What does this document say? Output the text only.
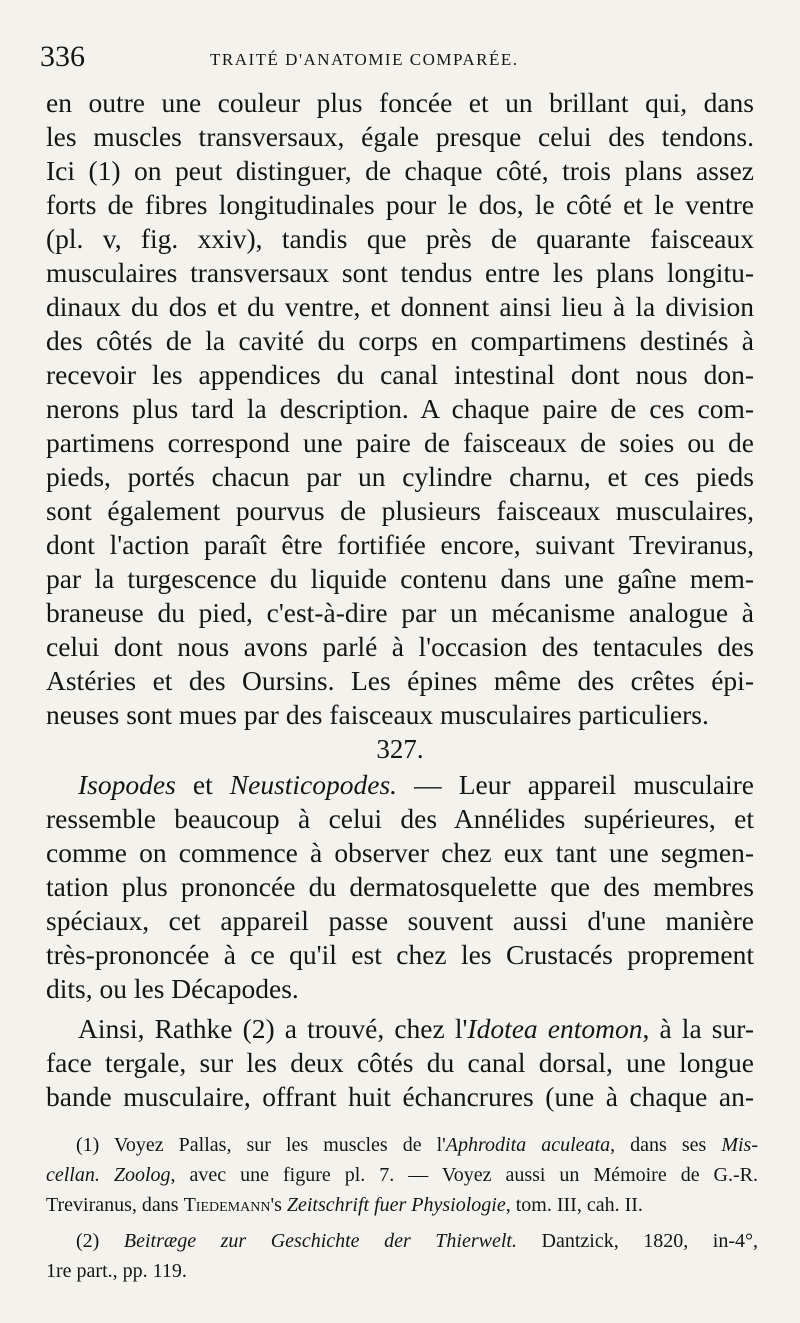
336	TRAITÉ D'ANATOMIE COMPARÉE.
en outre une couleur plus foncée et un brillant qui, dans
les muscles transversaux, égale presque celui des tendons.
Ici (1) on peut distinguer, de chaque côté, trois plans assez
forts de fibres longitudinales pour le dos, le côté et le ventre
(pl. v, fig. xxiv), tandis que près de quarante faisceaux
musculaires transversaux sont tendus entre les plans longitu-
dinaux du dos et du ventre, et donnent ainsi lieu à la division
des côtés de la cavité du corps en compartimens destinés à
recevoir les appendices du canal intestinal dont nous don-
nerons plus tard la description. A chaque paire de ces com-
partimens correspond une paire de faisceaux de soies ou de
pieds, portés chacun par un cylindre charnu, et ces pieds
sont également pourvus de plusieurs faisceaux musculaires,
dont l'action paraît être fortifiée encore, suivant Treviranus,
par la turgescence du liquide contenu dans une gaîne mem-
braneuse du pied, c'est-à-dire par un mécanisme analogue à
celui dont nous avons parlé à l'occasion des tentacules des
Astéries et des Oursins. Les épines même des crêtes épi-
neuses sont mues par des faisceaux musculaires particuliers.
327.
Isopodes et Neusticopodes. — Leur appareil musculaire
ressemble beaucoup à celui des Annélides supérieures, et
comme on commence à observer chez eux tant une segmen-
tation plus prononcée du dermatosquelette que des membres
spéciaux, cet appareil passe souvent aussi d'une manière
très-prononcée à ce qu'il est chez les Crustacés proprement
dits, ou les Décapodes.
Ainsi, Rathke (2) a trouvé, chez l'Idotea entomon, à la sur-
face tergale, sur les deux côtés du canal dorsal, une longue
bande musculaire, offrant huit échancrures (une à chaque an-
(1) Voyez Pallas, sur les muscles de l'Aphrodita aculeata, dans ses Mis-
cellan. Zoolog, avec une figure pl. 7. — Voyez aussi un Mémoire de G.-R.
Treviranus, dans Tiedemann's Zeitschrift fuer Physiologie, tom. III, cah. II.
(2) Beitræge zur Geschichte der Thierwelt. Dantzick, 1820, in-4°,
1re part., pp. 119.
